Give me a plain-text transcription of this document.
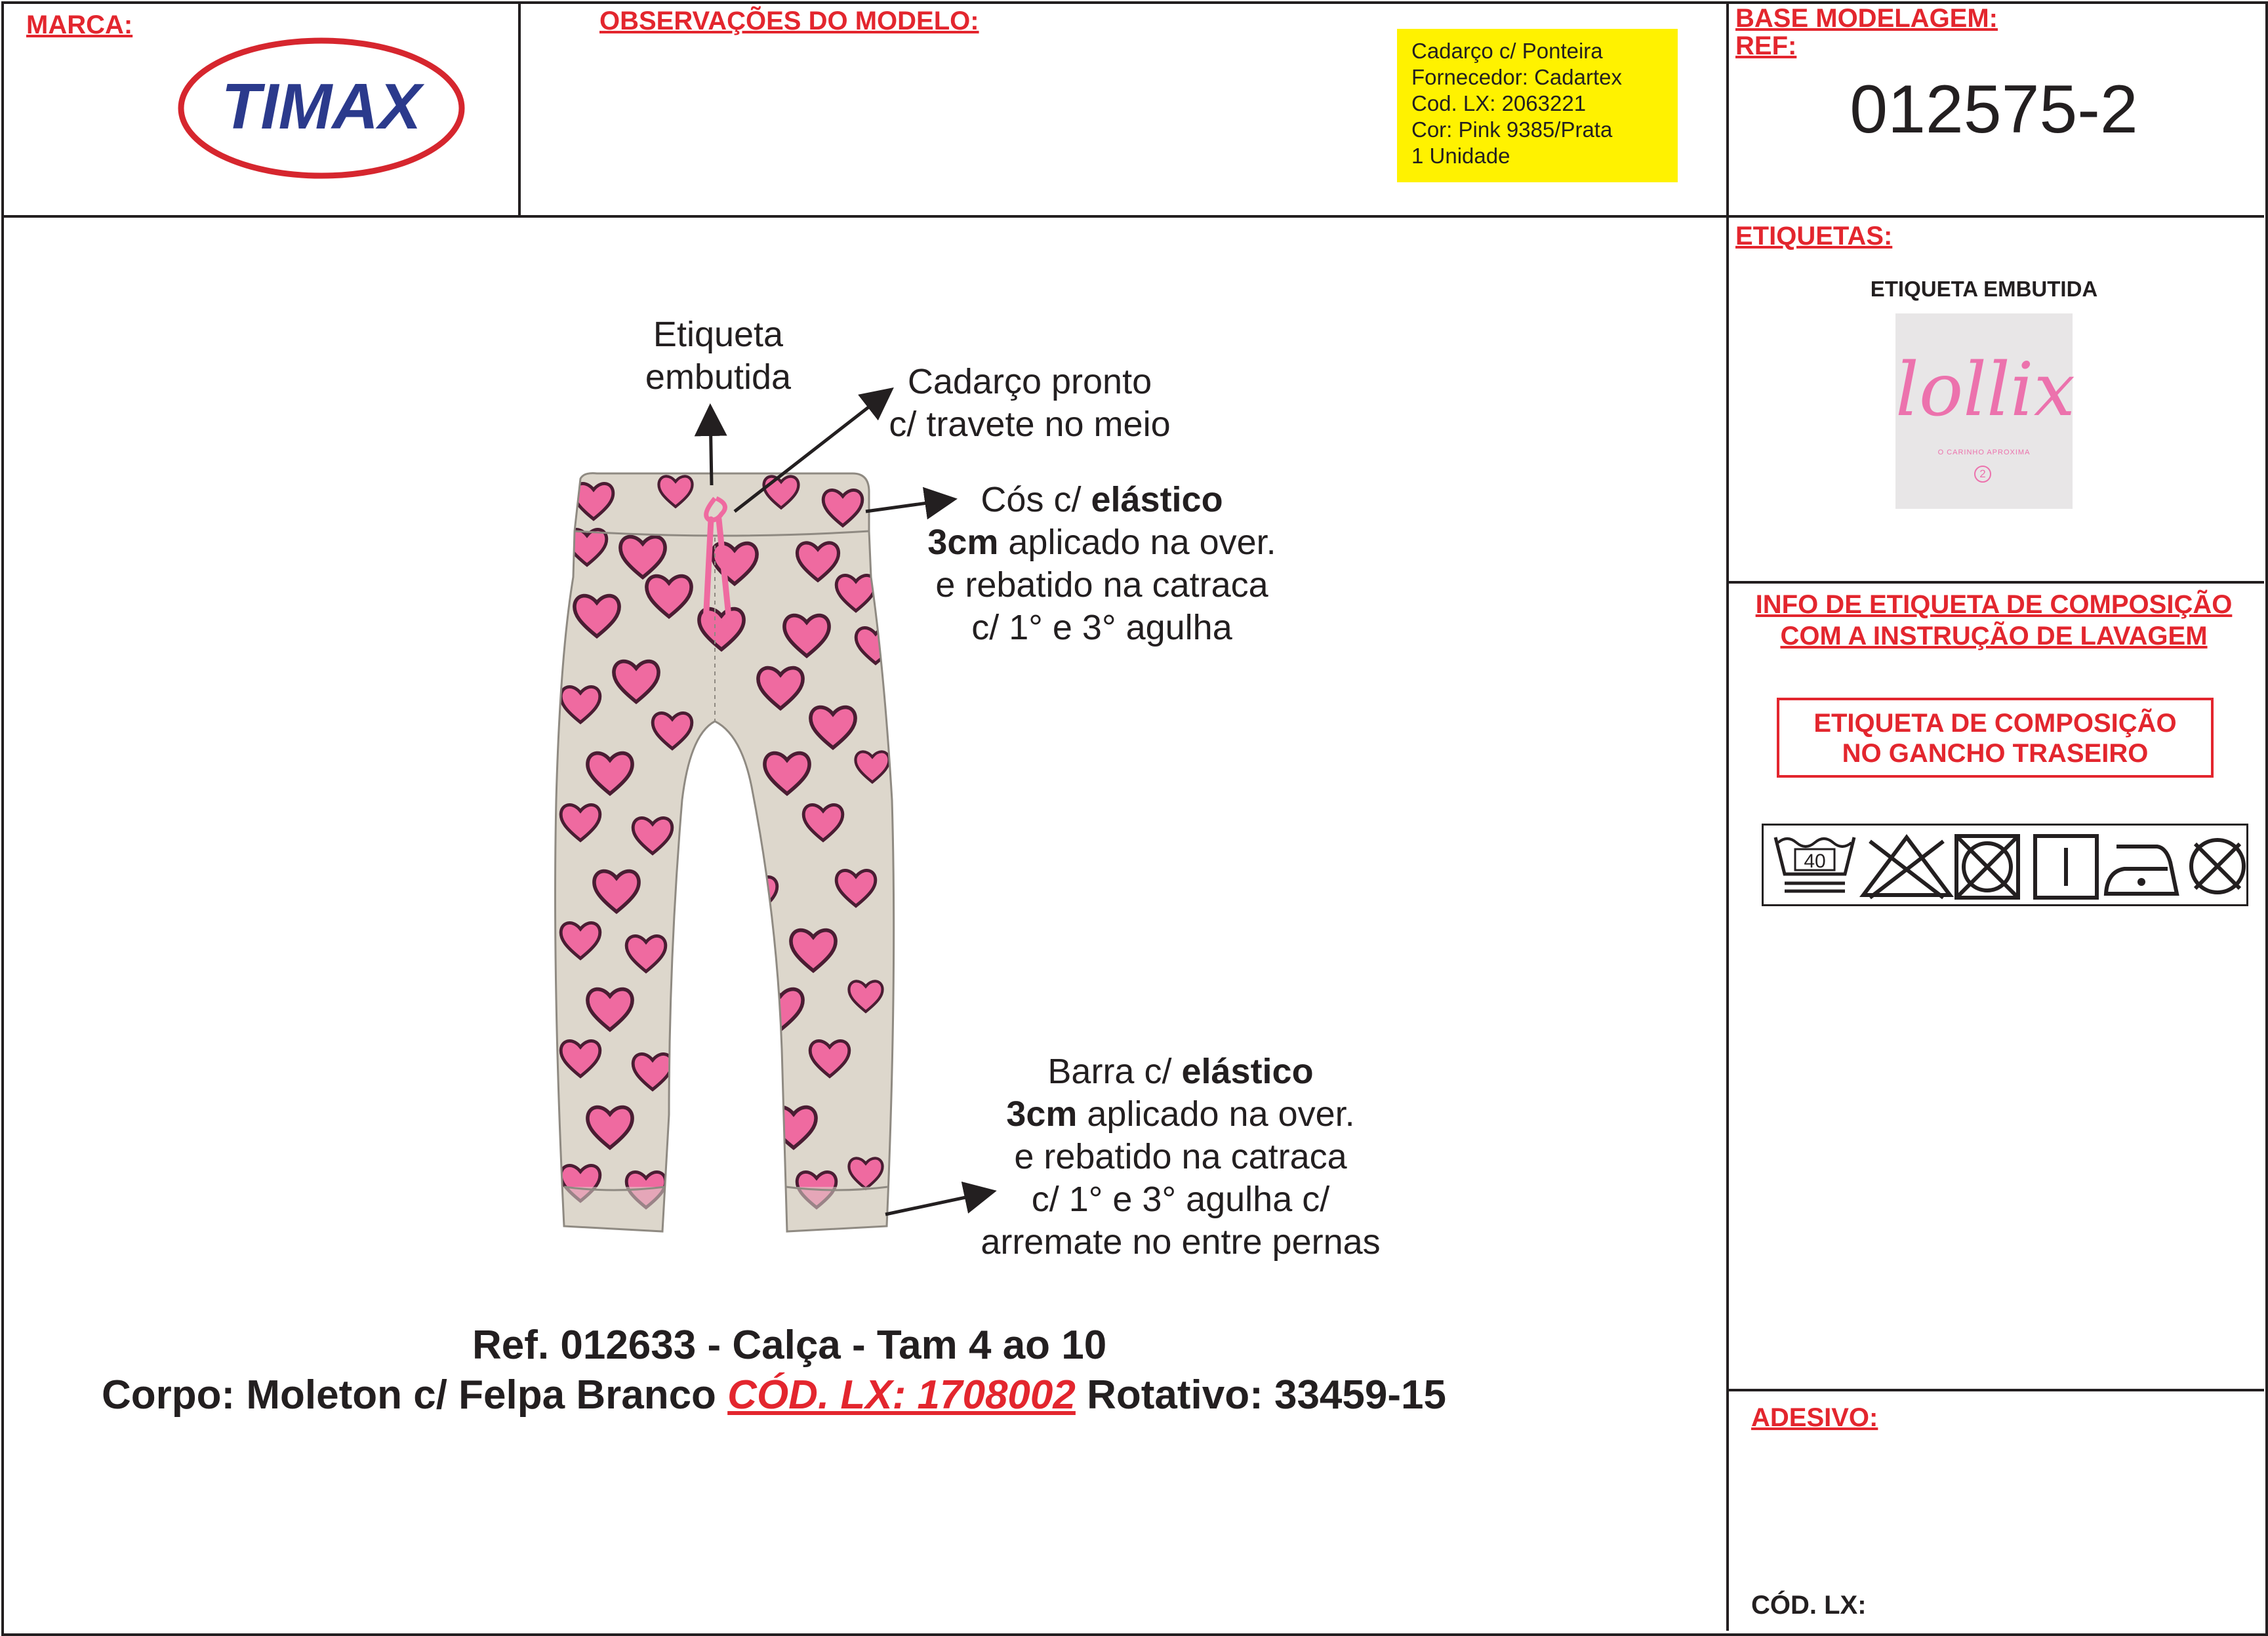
MARCA:
TIMAX
OBSERVAÇÕES DO MODELO:
Cadarço c/ Ponteira
Fornecedor: Cadartex
Cod. LX: 2063221
Cor: Pink 9385/Prata
1 Unidade
BASE MODELAGEM:
REF:
012575-2
Etiqueta
embutida	Cadarço pronto
c/ travete no meio
Cós c/ elástico
3cm aplicado na over.
e rebatido na catraca
c/ 1° e 3° agulha
Barra c/ elástico
3cm aplicado na over.
e rebatido na catraca
c/ 1° e 3° agulha c/
arremate no entre pernas
Ref. 012633 - Calça - Tam 4 ao 10
Corpo: Moleton c/ Felpa Branco CÓD. LX: 1708002 Rotativo: 33459-15
ETIQUETAS:
ETIQUETA EMBUTIDA
lollix
O CARINHO APROXIMA
2
INFO DE ETIQUETA DE COMPOSIÇÃO
COM A INSTRUÇÃO DE LAVAGEM
ETIQUETA DE COMPOSIÇÃO
NO GANCHO TRASEIRO
40
ADESIVO:
CÓD. LX:
